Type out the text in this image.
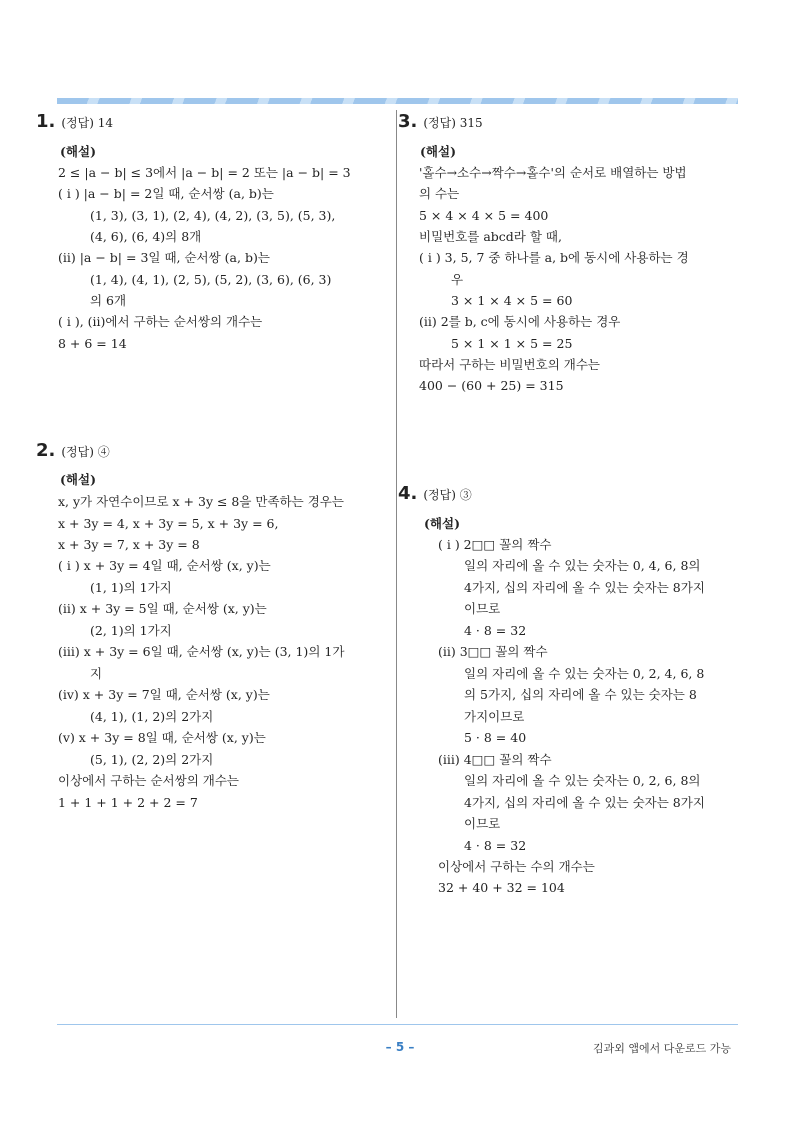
1. (정답) 14
2. (정답) ④
3. (정답) 315
4. (정답) ③
(해설)
2 ≤ |a − b| ≤ 3에서 |a − b| = 2 또는 |a − b| = 3
( i ) |a − b| = 2일 때, 순서쌍 (a, b)는
(1, 3), (3, 1), (2, 4), (4, 2), (3, 5), (5, 3),
(4, 6), (6, 4)의 8개
(ii) |a − b| = 3일 때, 순서쌍 (a, b)는
(1, 4), (4, 1), (2, 5), (5, 2), (3, 6), (6, 3)
의 6개
( i ), (ii)에서 구하는 순서쌍의 개수는
8 + 6 = 14
(해설)
x, y가 자연수이므로 x + 3y ≤ 8을 만족하는 경우는
x + 3y = 4, x + 3y = 5, x + 3y = 6,
x + 3y = 7, x + 3y = 8
( i ) x + 3y = 4일 때, 순서쌍 (x, y)는
(1, 1)의 1가지
(ii) x + 3y = 5일 때, 순서쌍 (x, y)는
(2, 1)의 1가지
(iii) x + 3y = 6일 때, 순서쌍 (x, y)는 (3, 1)의 1가
지
(iv) x + 3y = 7일 때, 순서쌍 (x, y)는
(4, 1), (1, 2)의 2가지
(v) x + 3y = 8일 때, 순서쌍 (x, y)는
(5, 1), (2, 2)의 2가지
이상에서 구하는 순서쌍의 개수는
1 + 1 + 1 + 2 + 2 = 7
(해설)
'홀수→소수→짝수→홀수'의 순서로 배열하는 방법
의 수는
5 × 4 × 4 × 5 = 400
비밀번호를 abcd라 할 때,
( i ) 3, 5, 7 중 하나를 a, b에 동시에 사용하는 경
우
3 × 1 × 4 × 5 = 60
(ii) 2를 b, c에 동시에 사용하는 경우
5 × 1 × 1 × 5 = 25
따라서 구하는 비밀번호의 개수는
400 − (60 + 25) = 315
(해설)
( i ) 2□□ 꼴의 짝수
일의 자리에 올 수 있는 숫자는 0, 4, 6, 8의
4가지, 십의 자리에 올 수 있는 숫자는 8가지
이므로
4 · 8 = 32
(ii) 3□□ 꼴의 짝수
일의 자리에 올 수 있는 숫자는 0, 2, 4, 6, 8
의 5가지, 십의 자리에 올 수 있는 숫자는 8
가지이므로
5 · 8 = 40
(iii) 4□□ 꼴의 짝수
일의 자리에 올 수 있는 숫자는 0, 2, 6, 8의
4가지, 십의 자리에 올 수 있는 숫자는 8가지
이므로
4 · 8 = 32
이상에서 구하는 수의 개수는
32 + 40 + 32 = 104
– 5 –	김과외 앱에서 다운로드 가능
